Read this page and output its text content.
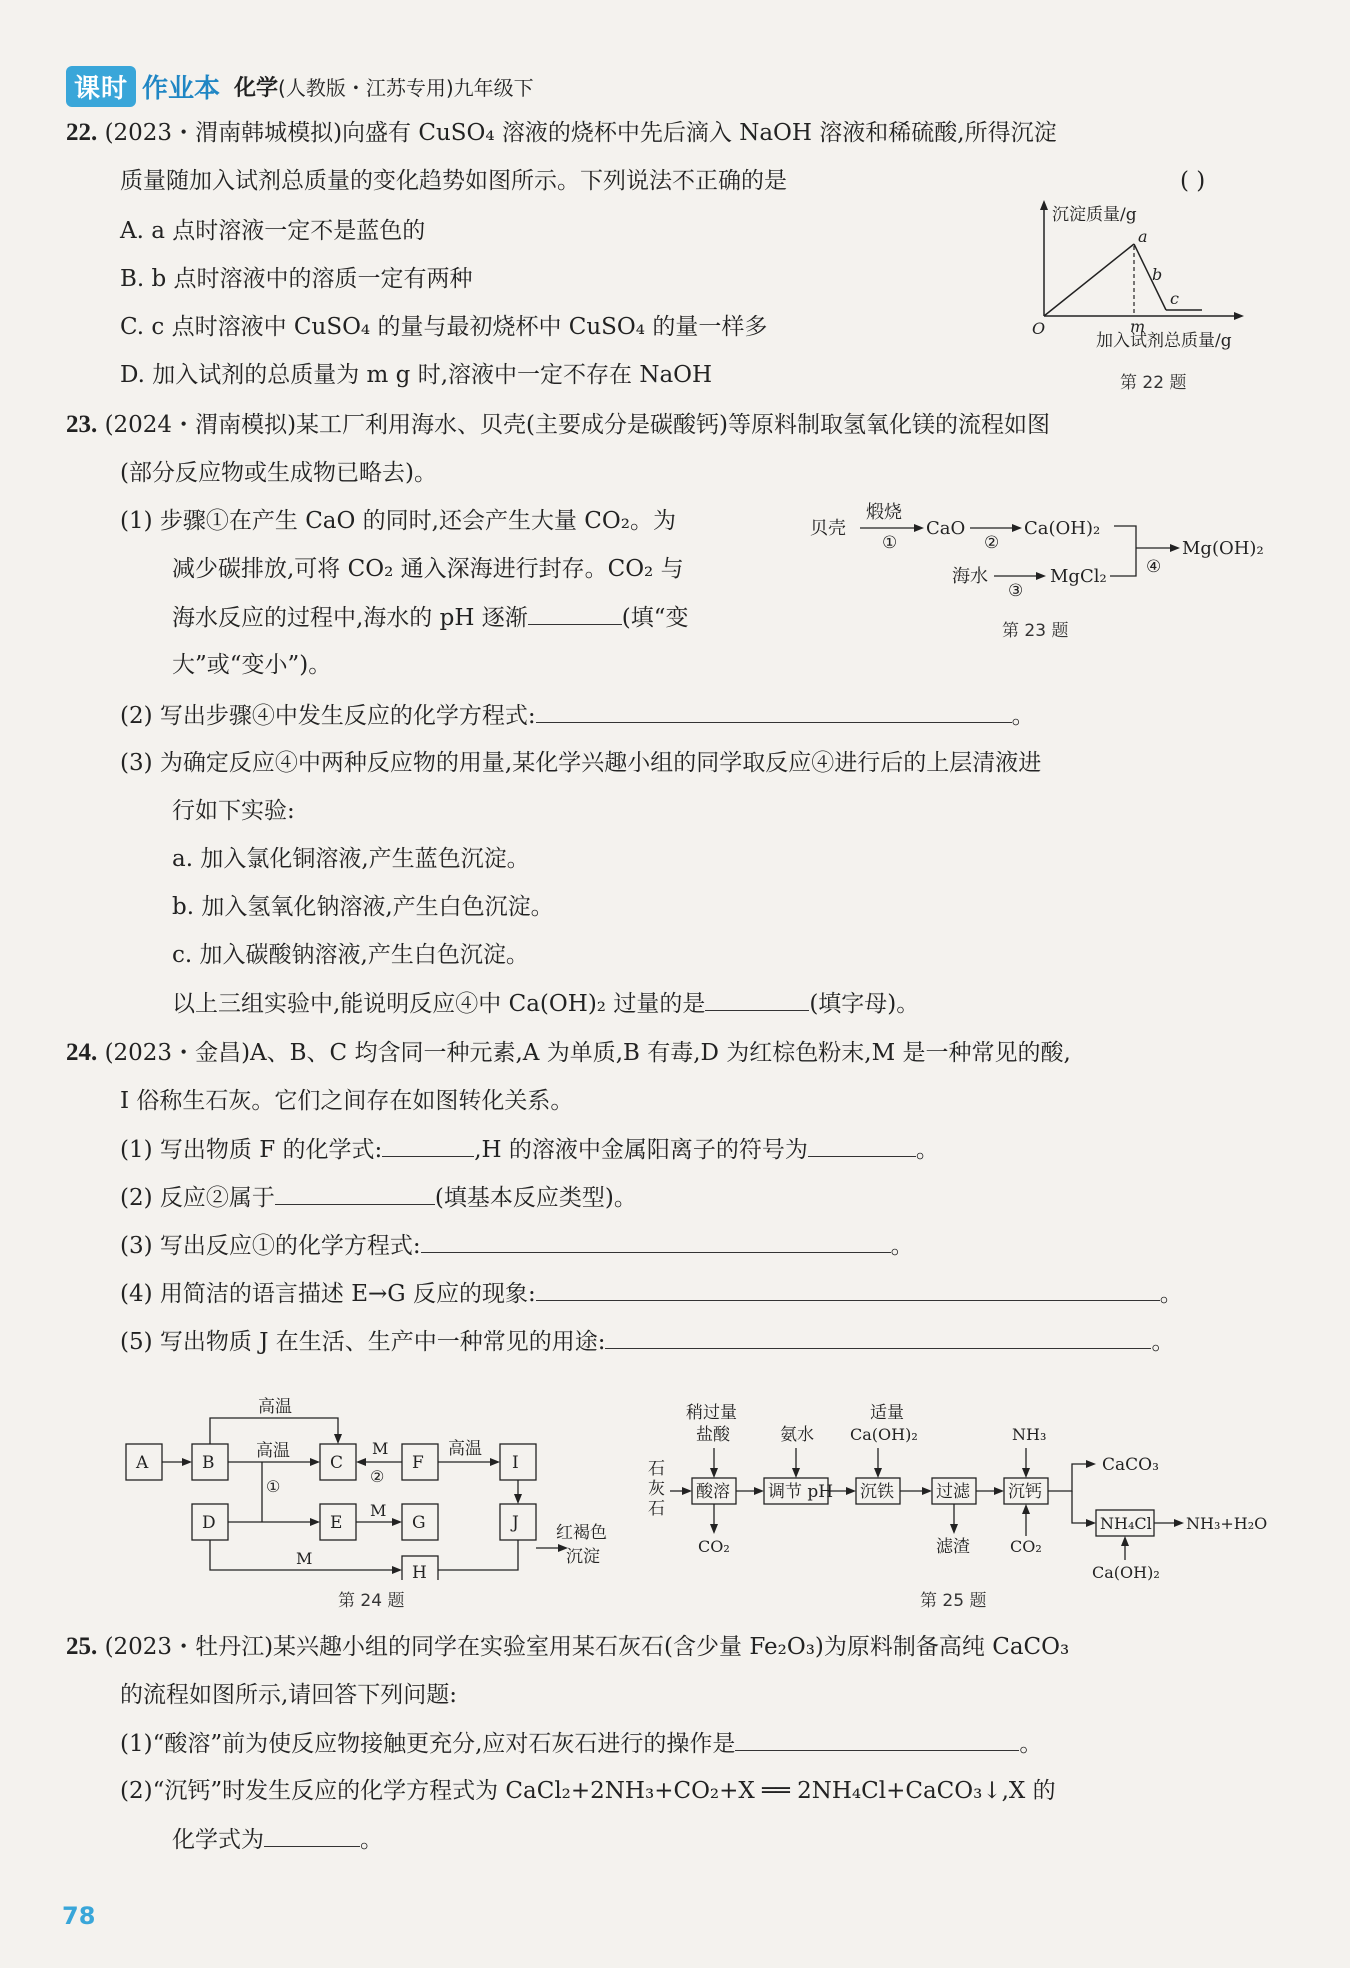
课时 作业本 化学(人教版・江苏专用)九年级下
22. (2023・渭南韩城模拟)向盛有 CuSO₄ 溶液的烧杯中先后滴入 NaOH 溶液和稀硫酸,所得沉淀
质量随加入试剂总质量的变化趋势如图所示。下列说法不正确的是	( )
A. a 点时溶液一定不是蓝色的
B. b 点时溶液中的溶质一定有两种
C. c 点时溶液中 CuSO₄ 的量与最初烧杯中 CuSO₄ 的量一样多
D. 加入试剂的总质量为 m g 时,溶液中一定不存在 NaOH
沉淀质量/g
a
b
c
m
O
加入试剂总质量/g
第 22 题
23. (2024・渭南模拟)某工厂利用海水、贝壳(主要成分是碳酸钙)等原料制取氢氧化镁的流程如图
(部分反应物或生成物已略去)。
(1) 步骤①在产生 CaO 的同时,还会产生大量 CO₂。为
减少碳排放,可将 CO₂ 通入深海进行封存。CO₂ 与
海水反应的过程中,海水的 pH 逐渐	(填“变
大”或“变小”)。
(2) 写出步骤④中发生反应的化学方程式:	。
(3) 为确定反应④中两种反应物的用量,某化学兴趣小组的同学取反应④进行后的上层清液进
行如下实验:
a. 加入氯化铜溶液,产生蓝色沉淀。
b. 加入氢氧化钠溶液,产生白色沉淀。
c. 加入碳酸钠溶液,产生白色沉淀。
以上三组实验中,能说明反应④中 Ca(OH)₂ 过量的是	(填字母)。
贝壳
煅烧
①
CaO
②
Ca(OH)₂
海水
③
MgCl₂ ④
Mg(OH)₂
第 23 题
24. (2023・金昌)A、B、C 均含同一种元素,A 为单质,B 有毒,D 为红棕色粉末,M 是一种常见的酸,
I 俗称生石灰。它们之间存在如图转化关系。
(1) 写出物质 F 的化学式:	,H 的溶液中金属阳离子的符号为	。
(2) 反应②属于	(填基本反应类型)。
(3) 写出反应①的化学方程式:	。
(4) 用简洁的语言描述 E→G 反应的现象:	。
(5) 写出物质 J 在生活、生产中一种常见的用途:	。
A	B	C	F	I
D	E	G	J
H
高温
高温
①
M
②
M
高温
M
红褐色
沉淀
第 24 题
稍过量
盐酸	氨水
适量
Ca(OH)₂	NH₃
石
灰
石
酸溶 调节 pH 沉铁 过滤 沉钙
NH₄Cl
CO₂	滤渣	CO₂
CaCO₃
NH₃+H₂O
Ca(OH)₂
第 25 题
25. (2023・牡丹江)某兴趣小组的同学在实验室用某石灰石(含少量 Fe₂O₃)为原料制备高纯 CaCO₃
的流程如图所示,请回答下列问题:
(1)“酸溶”前为使反应物接触更充分,应对石灰石进行的操作是	。
(2)“沉钙”时发生反应的化学方程式为 CaCl₂+2NH₃+CO₂+X ══ 2NH₄Cl+CaCO₃↓,X 的
化学式为	。
78
